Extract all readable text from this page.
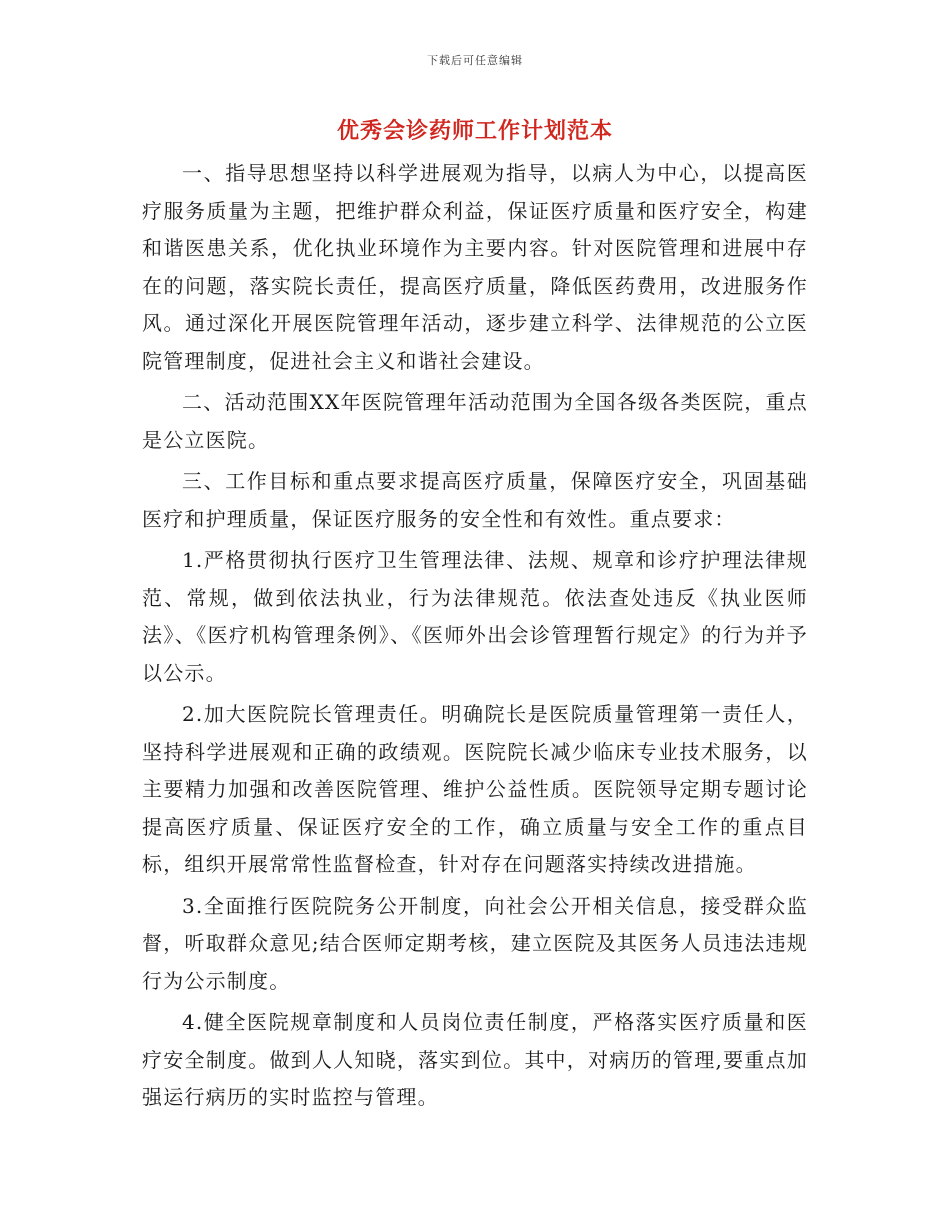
下载后可任意编辑
优秀会诊药师工作计划范本

一、指导思想坚持以科学进展观为指导，以病人为中心，以提高医疗服务质量为主题，把维护群众利益，保证医疗质量和医疗安全，构建和谐医患关系，优化执业环境作为主要内容。针对医院管理和进展中存在的问题，落实院长责任，提高医疗质量，降低医药费用，改进服务作风。通过深化开展医院管理年活动，逐步建立科学、法律规范的公立医院管理制度，促进社会主义和谐社会建设。

二、活动范围XX年医院管理年活动范围为全国各级各类医院，重点是公立医院。

三、工作目标和重点要求提高医疗质量，保障医疗安全，巩固基础医疗和护理质量，保证医疗服务的安全性和有效性。重点要求：

1.严格贯彻执行医疗卫生管理法律、法规、规章和诊疗护理法律规范、常规，做到依法执业，行为法律规范。依法查处违反《执业医师法》、《医疗机构管理条例》、《医师外出会诊管理暂行规定》的行为并予以公示。

2.加大医院院长管理责任。明确院长是医院质量管理第一责任人，坚持科学进展观和正确的政绩观。医院院长减少临床专业技术服务，以主要精力加强和改善医院管理、维护公益性质。医院领导定期专题讨论提高医疗质量、保证医疗安全的工作，确立质量与安全工作的重点目标，组织开展常常性监督检查，针对存在问题落实持续改进措施。

3.全面推行医院院务公开制度，向社会公开相关信息，接受群众监督，听取群众意见;结合医师定期考核，建立医院及其医务人员违法违规行为公示制度。

4.健全医院规章制度和人员岗位责任制度，严格落实医疗质量和医疗安全制度。做到人人知晓，落实到位。其中，对病历的管理,要重点加强运行病历的实时监控与管理。
